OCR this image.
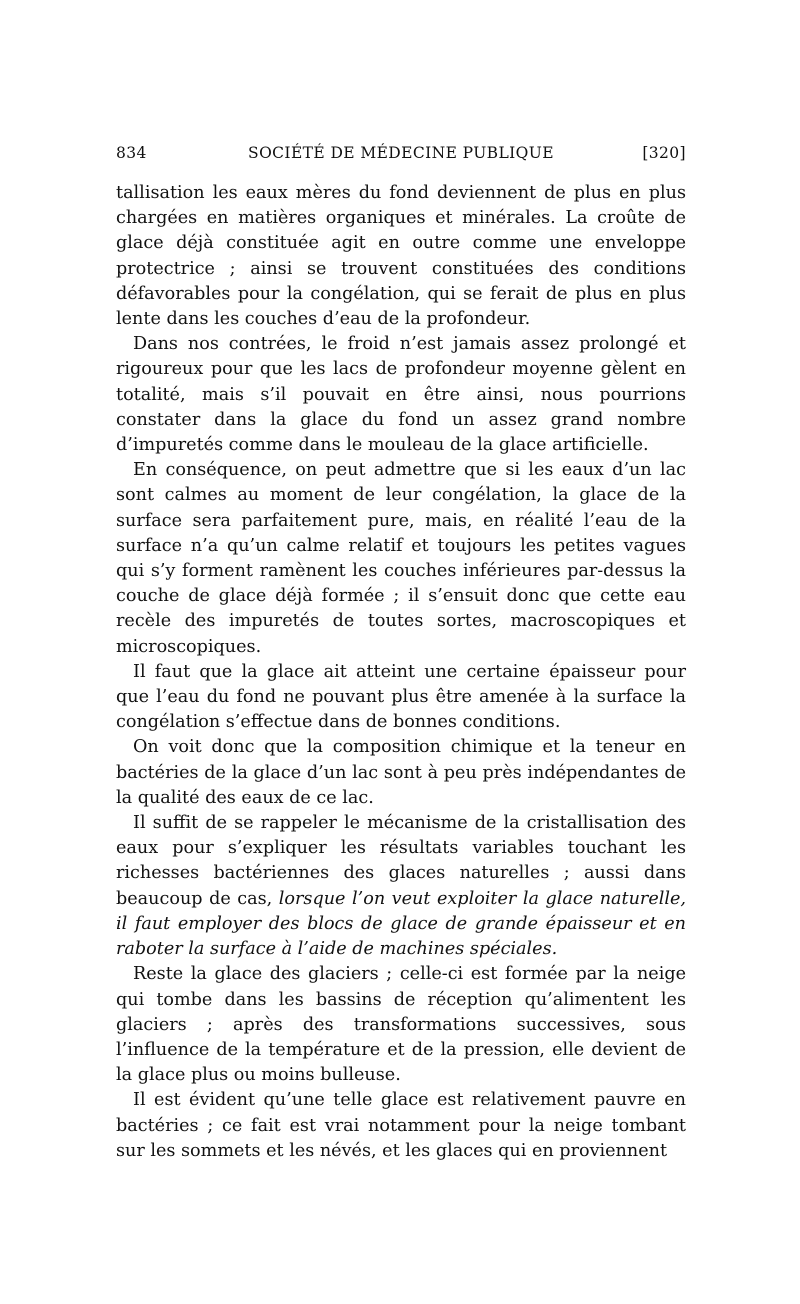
834	SOCIÉTÉ DE MÉDECINE PUBLIQUE	[320]

tallisation les eaux mères du fond deviennent de plus en plus chargées en matières organiques et minérales. La croûte de glace déjà constituée agit en outre comme une enveloppe protectrice ; ainsi se trouvent constituées des conditions défavorables pour la congélation, qui se ferait de plus en plus lente dans les couches d’eau de la profondeur.

Dans nos contrées, le froid n’est jamais assez prolongé et rigoureux pour que les lacs de profondeur moyenne gèlent en totalité, mais s’il pouvait en être ainsi, nous pourrions constater dans la glace du fond un assez grand nombre d’impuretés comme dans le mouleau de la glace artificielle.

En conséquence, on peut admettre que si les eaux d’un lac sont calmes au moment de leur congélation, la glace de la surface sera parfaitement pure, mais, en réalité l’eau de la surface n’a qu’un calme relatif et toujours les petites vagues qui s’y forment ramènent les couches inférieures par-dessus la couche de glace déjà formée ; il s’ensuit donc que cette eau recèle des impuretés de toutes sortes, macroscopiques et microscopiques.

Il faut que la glace ait atteint une certaine épaisseur pour que l’eau du fond ne pouvant plus être amenée à la surface la congélation s’effectue dans de bonnes conditions.

On voit donc que la composition chimique et la teneur en bactéries de la glace d’un lac sont à peu près indépendantes de la qualité des eaux de ce lac.

Il suffit de se rappeler le mécanisme de la cristallisation des eaux pour s’expliquer les résultats variables touchant les richesses bactériennes des glaces naturelles ; aussi dans beaucoup de cas, lorsque l’on veut exploiter la glace naturelle, il faut employer des blocs de glace de grande épaisseur et en raboter la surface à l’aide de machines spéciales.

Reste la glace des glaciers ; celle-ci est formée par la neige qui tombe dans les bassins de réception qu’alimentent les glaciers ; après des transformations successives, sous l’influence de la température et de la pression, elle devient de la glace plus ou moins bulleuse.

Il est évident qu’une telle glace est relativement pauvre en bactéries ; ce fait est vrai notamment pour la neige tombant sur les sommets et les névés, et les glaces qui en proviennent
